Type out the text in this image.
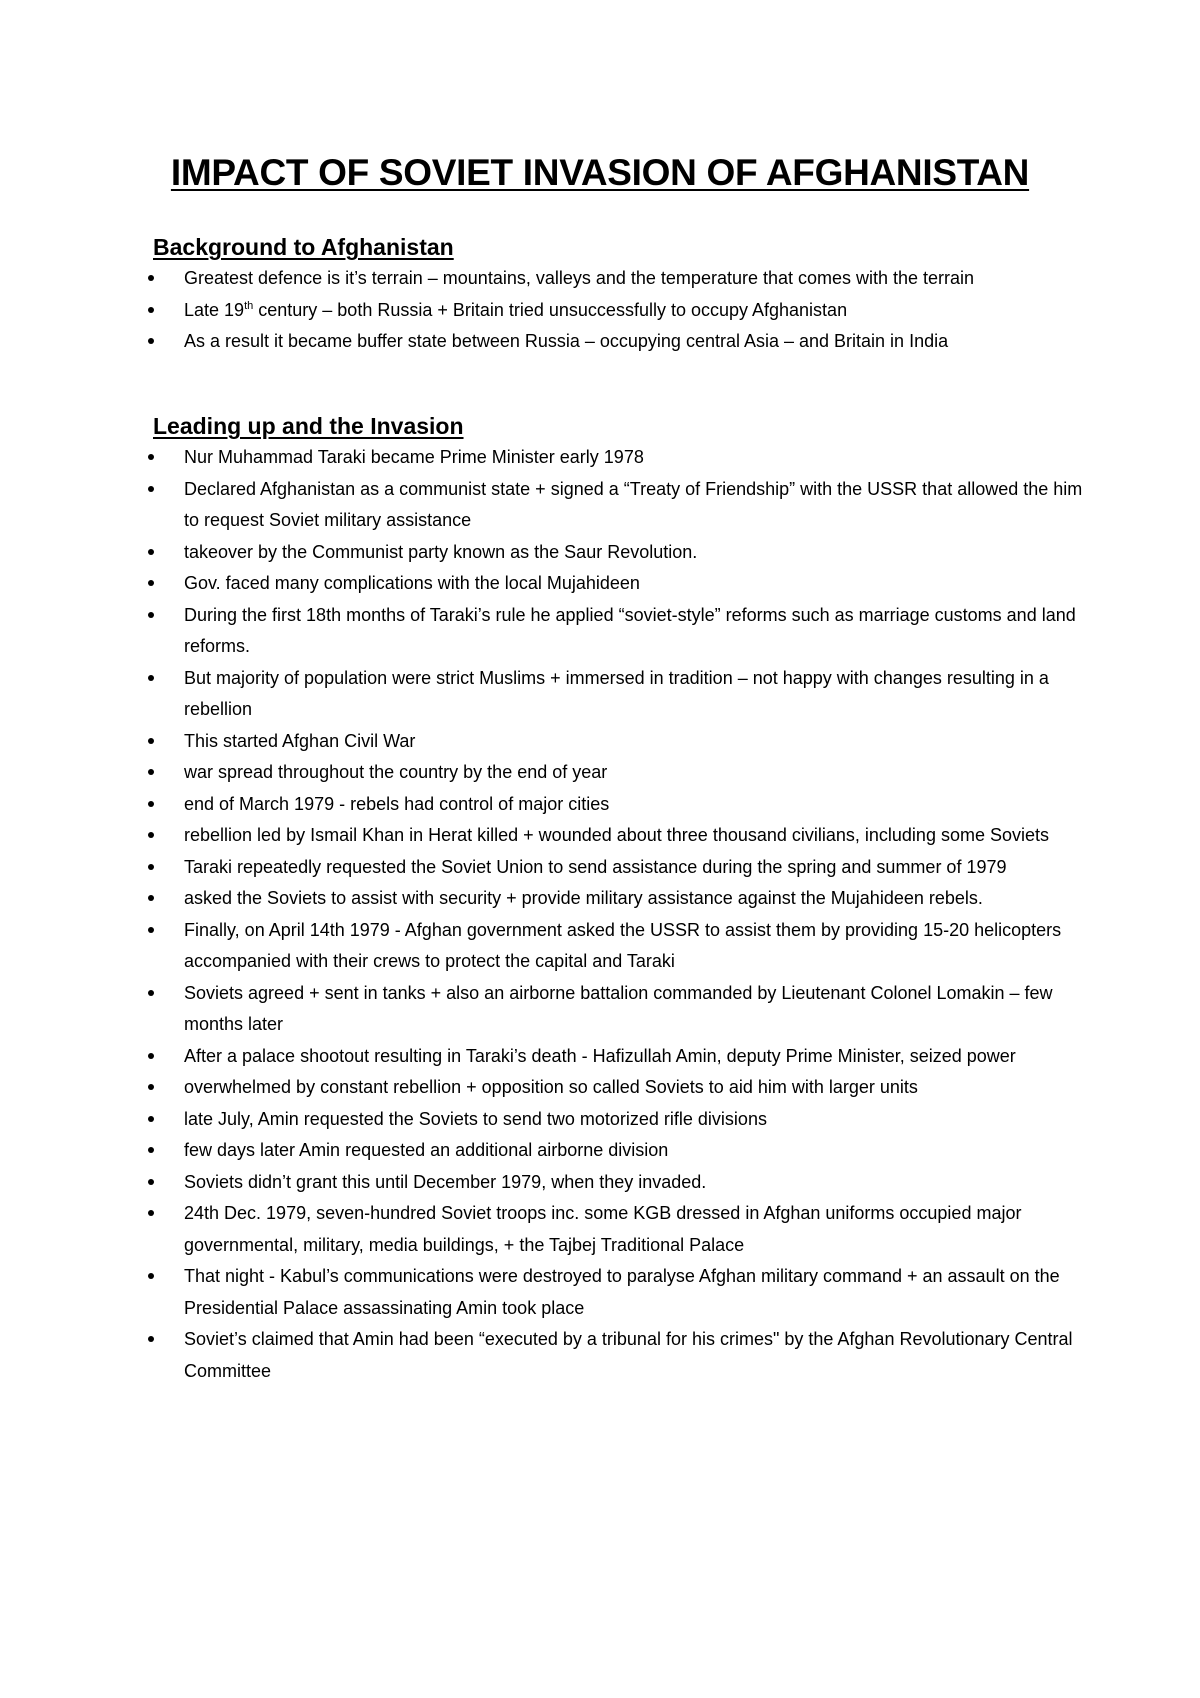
IMPACT OF SOVIET INVASION OF AFGHANISTAN
Background to Afghanistan
Greatest defence is it’s terrain – mountains, valleys and the temperature that comes with the terrain
Late 19th century – both Russia + Britain tried unsuccessfully to occupy Afghanistan
As a result it became buffer state between Russia – occupying central Asia – and Britain in India
Leading up and the Invasion
Nur Muhammad Taraki became Prime Minister early 1978
Declared Afghanistan as a communist state + signed a “Treaty of Friendship” with the USSR that allowed the him to request Soviet military assistance
takeover by the Communist party known as the Saur Revolution.
Gov. faced many complications with the local Mujahideen
During the first 18th months of Taraki’s rule he applied “soviet-style” reforms such as marriage customs and land reforms.
But majority of population were strict Muslims + immersed in tradition – not happy with changes resulting in a rebellion
This started Afghan Civil War
war spread throughout the country by the end of year
end of March 1979 - rebels had control of major cities
rebellion led by Ismail Khan in Herat killed + wounded about three thousand civilians, including some Soviets
Taraki repeatedly requested the Soviet Union to send assistance during the spring and summer of 1979
asked the Soviets to assist with security + provide military assistance against the Mujahideen rebels.
Finally, on April 14th 1979 - Afghan government asked the USSR to assist them by providing 15-20 helicopters accompanied with their crews to protect the capital and Taraki
Soviets agreed + sent in tanks + also an airborne battalion commanded by Lieutenant Colonel Lomakin – few months later
After a palace shootout resulting in Taraki’s death - Hafizullah Amin, deputy Prime Minister, seized power
overwhelmed by constant rebellion + opposition so called Soviets to aid him with larger units
late July, Amin requested the Soviets to send two motorized rifle divisions
few days later Amin requested an additional airborne division
Soviets didn’t grant this until December 1979, when they invaded.
24th Dec. 1979, seven-hundred Soviet troops inc. some KGB dressed in Afghan uniforms occupied major governmental, military, media buildings, + the Tajbej Traditional Palace
That night - Kabul’s communications were destroyed to paralyse Afghan military command + an assault on the Presidential Palace assassinating Amin took place
Soviet’s claimed that Amin had been “executed by a tribunal for his crimes" by the Afghan Revolutionary Central Committee
